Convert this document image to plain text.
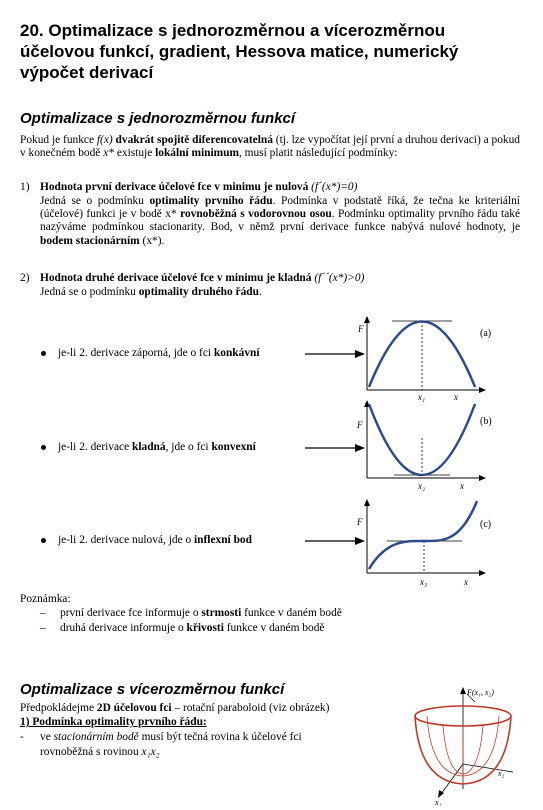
20. Optimalizace s jednorozměrnou a vícerozměrnou účelovou funkcí, gradient, Hessova matice, numerický výpočet derivací
Optimalizace s jednorozměrnou funkcí
Pokud je funkce f(x) dvakrát spojitě diferencovatelná (tj. lze vypočítat její první a druhou derivaci) a pokud v konečném bodě x* existuje lokální minimum, musí platit následující podmínky:
1) Hodnota první derivace účelové fce v minimu je nulová (f´(x*)=0)
Jedná se o podmínku optimality prvního řádu. Podmínka v podstatě říká, že tečna ke kriteriální (účelové) funkci je v bodě x* rovnoběžná s vodorovnou osou. Podmínku optimality prvního řádu také nazýváme podmínkou stacionarity. Bod, v němž první derivace funkce nabývá nulové hodnoty, je bodem stacionárním (x*).
2) Hodnota druhé derivace účelové fce v minimu je kladná (f´´(x*)>0)
Jedná se o podmínku optimality druhého řádu.
je-li 2. derivace záporná, jde o fci konkávní
je-li 2. derivace kladná, jde o fci konvexní
je-li 2. derivace nulová, jde o inflexní bod
F
x₁	x
(a)
F
x₂	x
(b)
F
x₃	x
(c)
Poznámka:
– první derivace fce informuje o strmosti funkce v daném bodě
– druhá derivace informuje o křivosti funkce v daném bodě
Optimalizace s vícerozměrnou funkcí
Předpokládejme 2D účelovou fci – rotační paraboloid (viz obrázek)
1) Podmínka optimality prvního řádu:
- ve stacionárním bodě musí být tečná rovina k účelové fci
rovnoběžná s rovinou x₁x₂
F(x₁, x₂)
x₂
x₁
